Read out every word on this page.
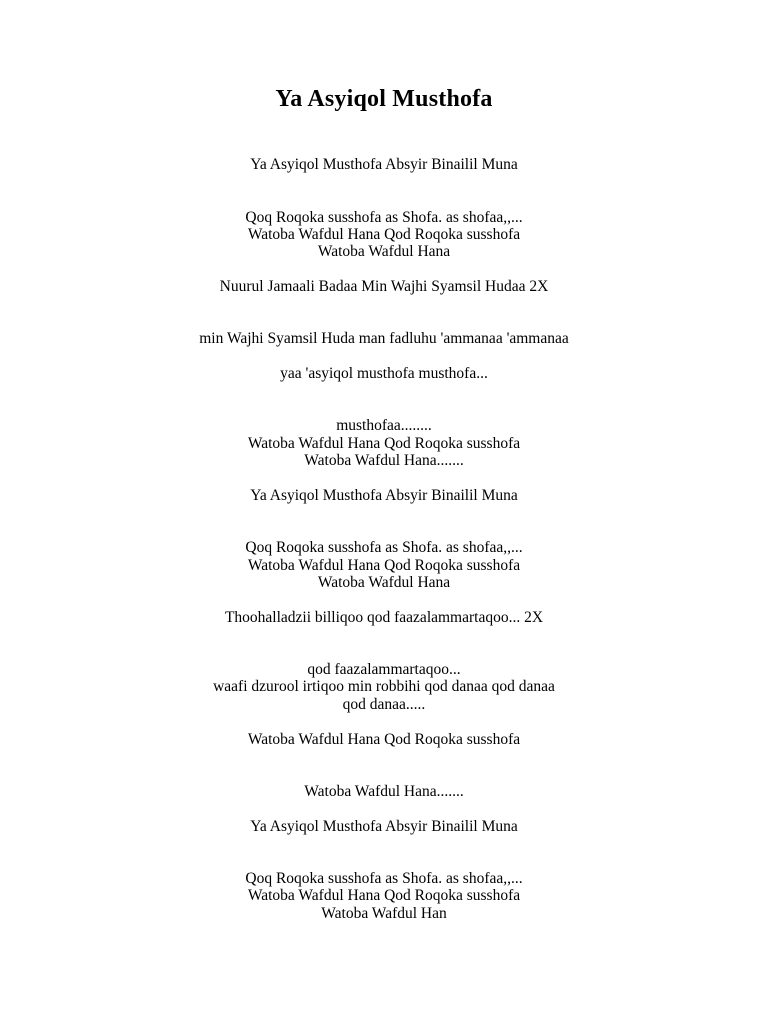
Ya Asyiqol Musthofa
Ya Asyiqol Musthofa Absyir Binailil Muna
Qoq Roqoka susshofa as Shofa. as shofaa,,...
Watoba Wafdul Hana Qod Roqoka susshofa
Watoba Wafdul Hana
Nuurul Jamaali Badaa Min Wajhi Syamsil Hudaa 2X
min Wajhi Syamsil Huda man fadluhu 'ammanaa 'ammanaa
yaa 'asyiqol musthofa musthofa...
musthofaa........
Watoba Wafdul Hana Qod Roqoka susshofa
Watoba Wafdul Hana.......
Ya Asyiqol Musthofa Absyir Binailil Muna
Qoq Roqoka susshofa as Shofa. as shofaa,,...
Watoba Wafdul Hana Qod Roqoka susshofa
Watoba Wafdul Hana
Thoohalladzii billiqoo qod faazalammartaqoo... 2X
qod faazalammartaqoo...
waafi dzurool irtiqoo min robbihi qod danaa qod danaa
qod danaa.....
Watoba Wafdul Hana Qod Roqoka susshofa
Watoba Wafdul Hana.......
Ya Asyiqol Musthofa Absyir Binailil Muna
Qoq Roqoka susshofa as Shofa. as shofaa,,...
Watoba Wafdul Hana Qod Roqoka susshofa
Watoba Wafdul Han
